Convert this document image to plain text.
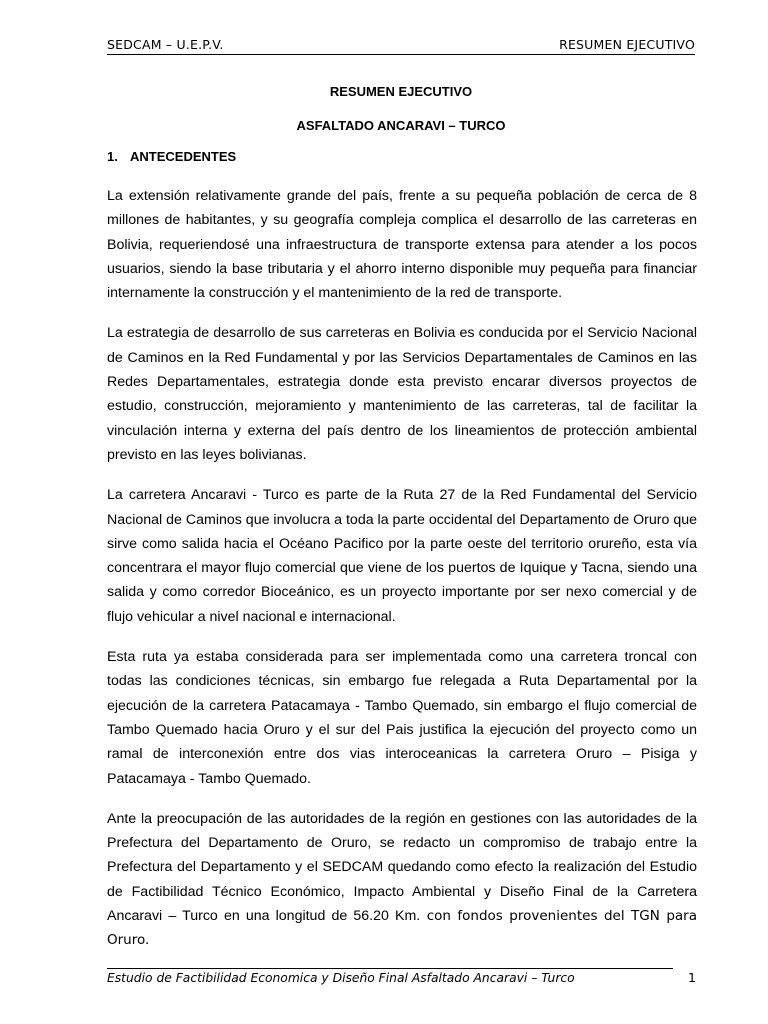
SEDCAM – U.E.P.V.	RESUMEN EJECUTIVO
RESUMEN EJECUTIVO
ASFALTADO ANCARAVI – TURCO
1. ANTECEDENTES

La extensión relativamente grande del país, frente a su pequeña población de cerca de 8 millones de habitantes, y su geografía compleja complica el desarrollo de las carreteras en Bolivia, requeriendosé una infraestructura de transporte extensa para atender a los pocos usuarios, siendo la base tributaria y el ahorro interno disponible muy pequeña para financiar internamente la construcción y el mantenimiento de la red de transporte.

La estrategia de desarrollo de sus carreteras en Bolivia es conducida por el Servicio Nacional de Caminos en la Red Fundamental y por las Servicios Departamentales de Caminos en las Redes Departamentales, estrategia donde esta previsto encarar diversos proyectos de estudio, construcción, mejoramiento y mantenimiento de las carreteras, tal de facilitar la vinculación interna y externa del país dentro de los lineamientos de protección ambiental previsto en las leyes bolivianas.

La carretera Ancaravi - Turco es parte de la Ruta 27 de la Red Fundamental del Servicio Nacional de Caminos que involucra a toda la parte occidental del Departamento de Oruro que sirve como salida hacia el Océano Pacifico por la parte oeste del territorio orureño, esta vía concentrara el mayor flujo comercial que viene de los puertos de Iquique y Tacna, siendo una salida y como corredor Bioceánico, es un proyecto importante por ser nexo comercial y de flujo vehicular a nivel nacional e internacional.

Esta ruta ya estaba considerada para ser implementada como una carretera troncal con todas las condiciones técnicas, sin embargo fue relegada a Ruta Departamental por la ejecución de la carretera Patacamaya - Tambo Quemado, sin embargo el flujo comercial de Tambo Quemado hacia Oruro y el sur del Pais justifica la ejecución del proyecto como un ramal de interconexión entre dos vias interoceanicas la carretera Oruro – Pisiga y Patacamaya - Tambo Quemado.

Ante la preocupación de las autoridades de la región en gestiones con las autoridades de la Prefectura del Departamento de Oruro, se redacto un compromiso de trabajo entre la Prefectura del Departamento y el SEDCAM quedando como efecto la realización del Estudio de Factibilidad Técnico Económico, Impacto Ambiental y Diseño Final de la Carretera Ancaravi – Turco en una longitud de 56.20 Km. con fondos provenientes del TGN para Oruro.

Estudio de Factibilidad Economica y Diseño Final Asfaltado Ancaravi – Turco	1
